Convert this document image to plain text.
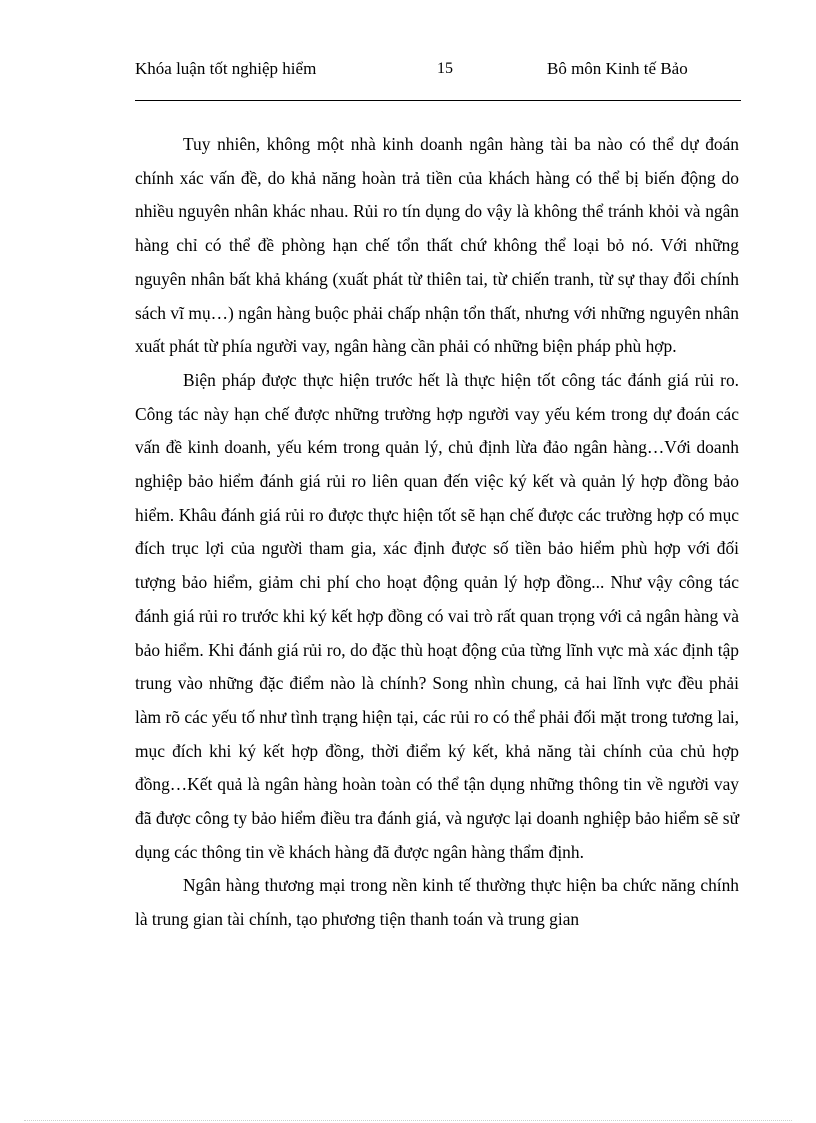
Khóa luận tốt nghiệp hiểm	15	Bô môn Kinh tế Bảo

Tuy nhiên, không một nhà kinh doanh ngân hàng tài ba nào có thể dự đoán chính xác vấn đề, do khả năng hoàn trả tiền của khách hàng có thể bị biến động do nhiều nguyên nhân khác nhau. Rủi ro tín dụng do vậy là không thể tránh khỏi và ngân hàng chỉ có thể đề phòng hạn chế tổn thất chứ không thể loại bỏ nó. Với những nguyên nhân bất khả kháng (xuất phát từ thiên tai, từ chiến tranh, từ sự thay đổi chính sách vĩ mụ…) ngân hàng buộc phải chấp nhận tổn thất, nhưng với những nguyên nhân xuất phát từ phía người vay, ngân hàng cần phải có những biện pháp phù hợp.

Biện pháp được thực hiện trước hết là thực hiện tốt công tác đánh giá rủi ro. Công tác này hạn chế được những trường hợp người vay yếu kém trong dự đoán các vấn đề kinh doanh, yếu kém trong quản lý, chủ định lừa đảo ngân hàng…Với doanh nghiệp bảo hiểm đánh giá rủi ro liên quan đến việc ký kết và quản lý hợp đồng bảo hiểm. Khâu đánh giá rủi ro được thực hiện tốt sẽ hạn chế được các trường hợp có mục đích trục lợi của người tham gia, xác định được số tiền bảo hiểm phù hợp với đối tượng bảo hiểm, giảm chi phí cho hoạt động quản lý hợp đồng... Như vậy công tác đánh giá rủi ro trước khi ký kết hợp đồng có vai trò rất quan trọng với cả ngân hàng và bảo hiểm. Khi đánh giá rủi ro, do đặc thù hoạt động của từng lĩnh vực mà xác định tập trung vào những đặc điểm nào là chính? Song nhìn chung, cả hai lĩnh vực đều phải làm rõ các yếu tố như tình trạng hiện tại, các rủi ro có thể phải đối mặt trong tương lai, mục đích khi ký kết hợp đồng, thời điểm ký kết, khả năng tài chính của chủ hợp đồng…Kết quả là ngân hàng hoàn toàn có thể tận dụng những thông tin về người vay đã được công ty bảo hiểm điều tra đánh giá, và ngược lại doanh nghiệp bảo hiểm sẽ sử dụng các thông tin về khách hàng đã được ngân hàng thẩm định.

Ngân hàng thương mại trong nền kinh tế thường thực hiện ba chức năng chính là trung gian tài chính, tạo phương tiện thanh toán và trung gian
